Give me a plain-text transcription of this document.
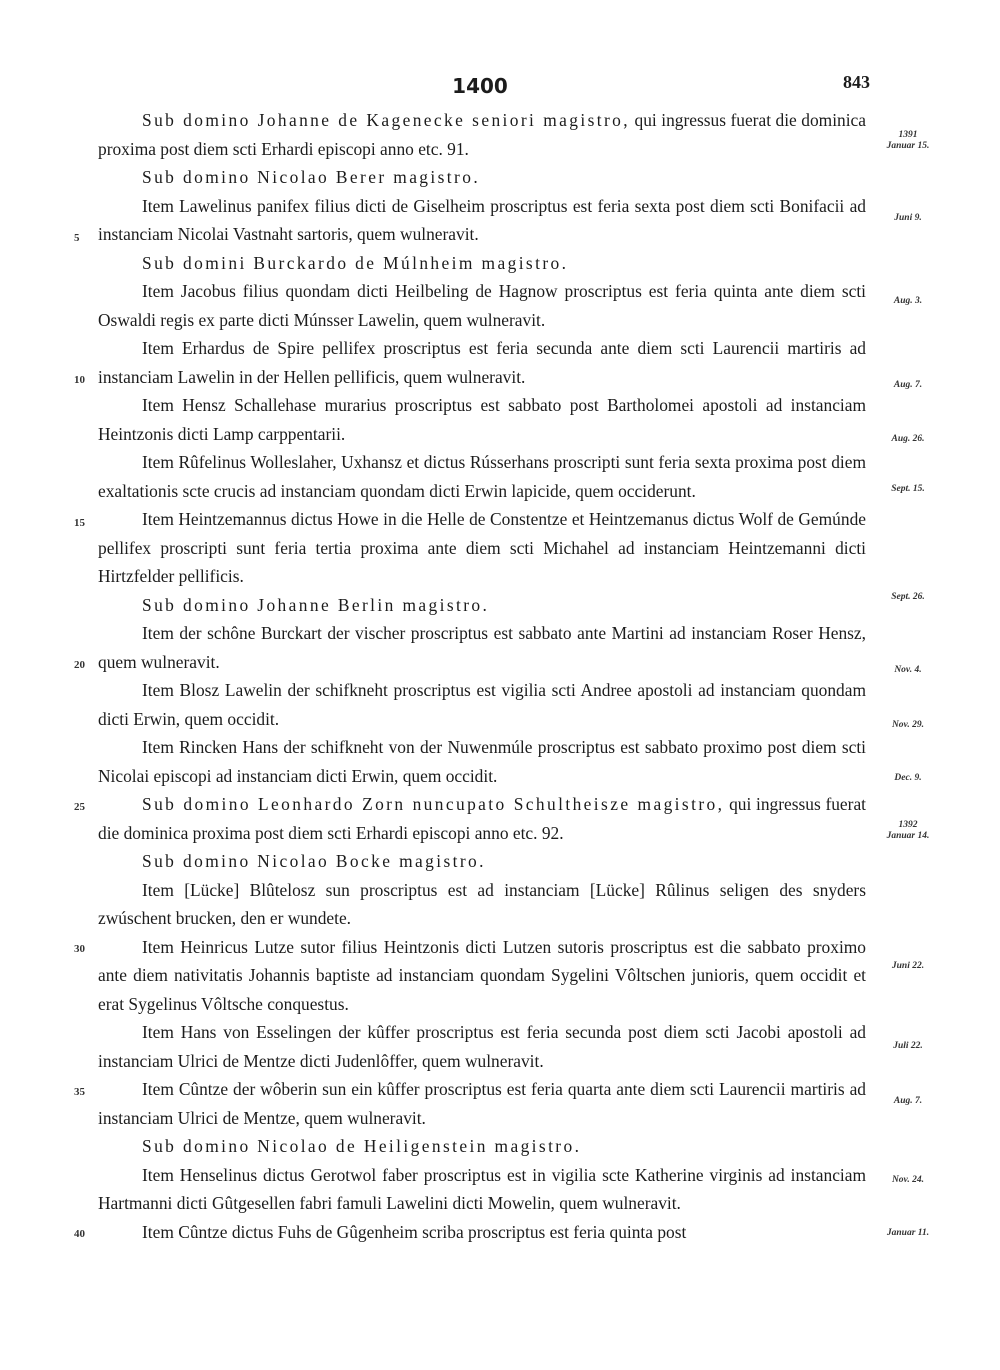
1400	843

Sub domino Johanne de Kagenecke seniori magistro, qui ingressus fuerat die dominica proxima post diem scti Erhardi episcopi anno etc. 91.

Sub domino Nicolao Berer magistro.

Item Lawelinus panifex filius dicti de Giselheim proscriptus est feria sexta post diem scti Bonifacii ad instanciam Nicolai Vastnaht sartoris, quem wulneravit.

Sub domini Burckardo de Múlnheim magistro.

Item Jacobus filius quondam dicti Heilbeling de Hagnow proscriptus est feria quinta ante diem scti Oswaldi regis ex parte dicti Múnsser Lawelin, quem wulneravit.

Item Erhardus de Spire pellifex proscriptus est feria secunda ante diem scti Laurencii martiris ad instanciam Lawelin in der Hellen pellificis, quem wulneravit.

Item Hensz Schallehase murarius proscriptus est sabbato post Bartholomei apostoli ad instanciam Heintzonis dicti Lamp carppentarii.

Item Rûfelinus Wolleslaher, Uxhansz et dictus Rússerhans proscripti sunt feria sexta proxima post diem exaltationis scte crucis ad instanciam quondam dicti Erwin lapicide, quem occiderunt.

Item Heintzemannus dictus Howe in die Helle de Constentze et Heintzemanus dictus Wolf de Gemúnde pellifex proscripti sunt feria tertia proxima ante diem scti Michahel ad instanciam Heintzemanni dicti Hirtzfelder pellificis.

Sub domino Johanne Berlin magistro.

Item der schône Burckart der vischer proscriptus est sabbato ante Martini ad instanciam Roser Hensz, quem wulneravit.

Item Blosz Lawelin der schifkneht proscriptus est vigilia scti Andree apostoli ad instanciam quondam dicti Erwin, quem occidit.

Item Rincken Hans der schifkneht von der Nuwenmúle proscriptus est sabbato proximo post diem scti Nicolai episcopi ad instanciam dicti Erwin, quem occidit.

Sub domino Leonhardo Zorn nuncupato Schultheisze magistro, qui ingressus fuerat die dominica proxima post diem scti Erhardi episcopi anno etc. 92.

Sub domino Nicolao Bocke magistro.

Item [Lücke] Blûtelosz sun proscriptus est ad instanciam [Lücke] Rûlinus seligen des snyders zwúschent brucken, den er wundete.

Item Heinricus Lutze sutor filius Heintzonis dicti Lutzen sutoris proscriptus est die sabbato proximo ante diem nativitatis Johannis baptiste ad instanciam quondam Sygelini Vôltschen junioris, quem occidit et erat Sygelinus Vôltsche conquestus.

Item Hans von Esselingen der kûffer proscriptus est feria secunda post diem scti Jacobi apostoli ad instanciam Ulrici de Mentze dicti Judenlôffer, quem wulneravit.

Item Cûntze der wôberin sun ein kûffer proscriptus est feria quarta ante diem scti Laurencii martiris ad instanciam Ulrici de Mentze, quem wulneravit.

Sub domino Nicolao de Heiligenstein magistro.

Item Henselinus dictus Gerotwol faber proscriptus est in vigilia scte Katherine virginis ad instanciam Hartmanni dicti Gûtgesellen fabri famuli Lawelini dicti Mowelin, quem wulneravit.

Item Cûntze dictus Fuhs de Gûgenheim scriba proscriptus est feria quinta post

5
10
15
20
25
30
35
40
1391
Januar 15.
Juni 9.
Aug. 3.
Aug. 7.
Aug. 26.
Sept. 15.
Sept. 26.
Nov. 4.
Nov. 29.
Dec. 9.
1392
Januar 14.
Juni 22.
Juli 22.
Aug. 7.
Nov. 24.
Januar 11.
